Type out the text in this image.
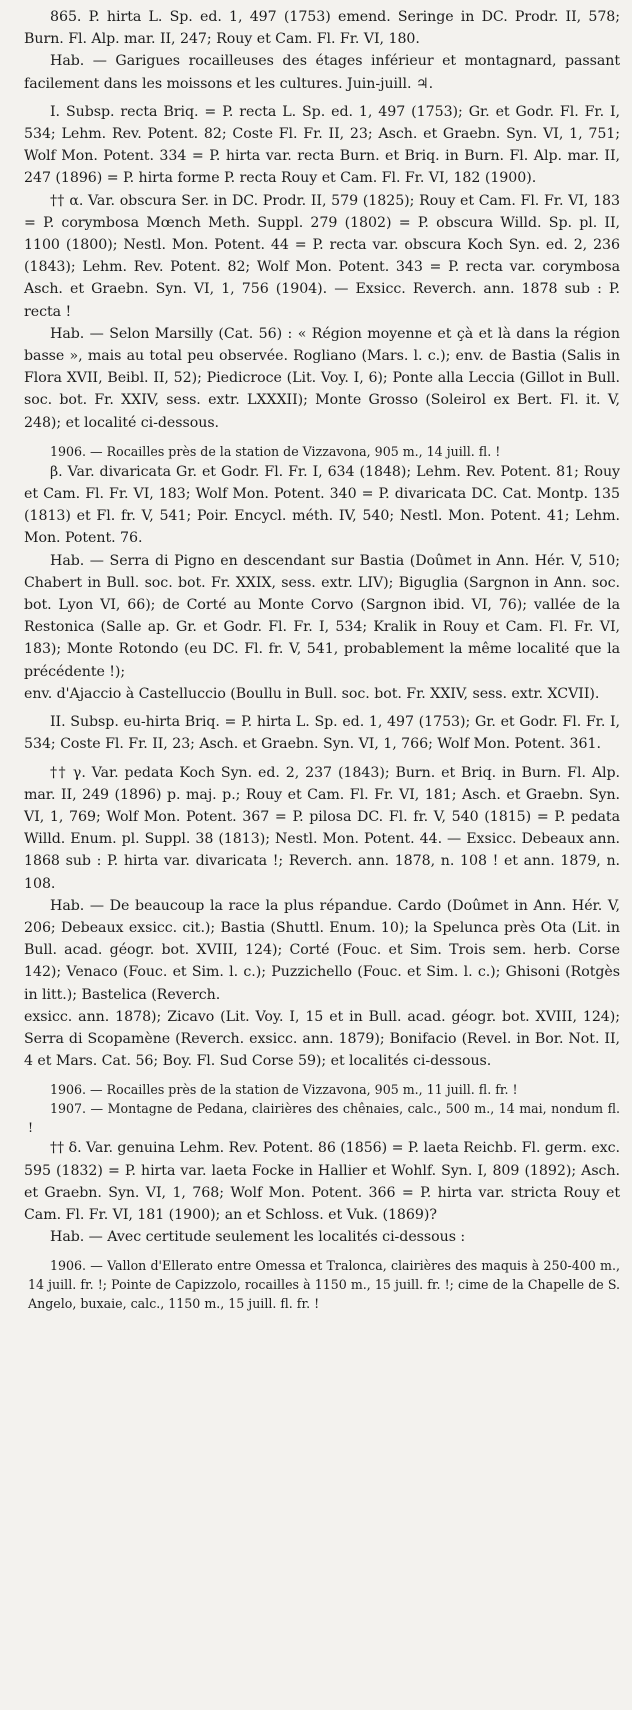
865. P. hirta L. Sp. ed. 1, 497 (1753) emend. Seringe in DC. Prodr. II, 578; Burn. Fl. Alp. mar. II, 247; Rouy et Cam. Fl. Fr. VI, 180.

Hab. — Garigues rocailleuses des étages inférieur et montagnard, passant facilement dans les moissons et les cultures. Juin-juill. ♃.

I. Subsp. recta Briq. = P. recta L. Sp. ed. 1, 497 (1753); Gr. et Godr. Fl. Fr. I, 534; Lehm. Rev. Potent. 82; Coste Fl. Fr. II, 23; Asch. et Graebn. Syn. VI, 1, 751; Wolf Mon. Potent. 334 = P. hirta var. recta Burn. et Briq. in Burn. Fl. Alp. mar. II, 247 (1896) = P. hirta forme P. recta Rouy et Cam. Fl. Fr. VI, 182 (1900).

†† α. Var. obscura Ser. in DC. Prodr. II, 579 (1825); Rouy et Cam. Fl. Fr. VI, 183 = P. corymbosa Mœnch Meth. Suppl. 279 (1802) = P. obscura Willd. Sp. pl. II, 1100 (1800); Nestl. Mon. Potent. 44 = P. recta var. obscura Koch Syn. ed. 2, 236 (1843); Lehm. Rev. Potent. 82; Wolf Mon. Potent. 343 = P. recta var. corymbosa Asch. et Graebn. Syn. VI, 1, 756 (1904). — Exsicc. Reverch. ann. 1878 sub : P. recta !

Hab. — Selon Marsilly (Cat. 56) : « Région moyenne et çà et là dans la région basse », mais au total peu observée. Rogliano (Mars. l. c.); env. de Bastia (Salis in Flora XVII, Beibl. II, 52); Piedicroce (Lit. Voy. I, 6); Ponte alla Leccia (Gillot in Bull. soc. bot. Fr. XXIV, sess. extr. LXXXII); Monte Grosso (Soleirol ex Bert. Fl. it. V, 248); et localité ci-dessous.

1906. — Rocailles près de la station de Vizzavona, 905 m., 14 juill. fl. !

β. Var. divaricata Gr. et Godr. Fl. Fr. I, 634 (1848); Lehm. Rev. Potent. 81; Rouy et Cam. Fl. Fr. VI, 183; Wolf Mon. Potent. 340 = P. divaricata DC. Cat. Montp. 135 (1813) et Fl. fr. V, 541; Poir. Encycl. méth. IV, 540; Nestl. Mon. Potent. 41; Lehm. Mon. Potent. 76.

Hab. — Serra di Pigno en descendant sur Bastia (Doûmet in Ann. Hér. V, 510; Chabert in Bull. soc. bot. Fr. XXIX, sess. extr. LIV); Biguglia (Sargnon in Ann. soc. bot. Lyon VI, 66); de Corté au Monte Corvo (Sargnon ibid. VI, 76); vallée de la Restonica (Salle ap. Gr. et Godr. Fl. Fr. I, 534; Kralik in Rouy et Cam. Fl. Fr. VI, 183); Monte Rotondo (eu DC. Fl. fr. V, 541, probablement la même localité que la précédente !);

env. d'Ajaccio à Castelluccio (Boullu in Bull. soc. bot. Fr. XXIV, sess. extr. XCVII).

II. Subsp. eu-hirta Briq. = P. hirta L. Sp. ed. 1, 497 (1753); Gr. et Godr. Fl. Fr. I, 534; Coste Fl. Fr. II, 23; Asch. et Graebn. Syn. VI, 1, 766; Wolf Mon. Potent. 361.

†† γ. Var. pedata Koch Syn. ed. 2, 237 (1843); Burn. et Briq. in Burn. Fl. Alp. mar. II, 249 (1896) p. maj. p.; Rouy et Cam. Fl. Fr. VI, 181; Asch. et Graebn. Syn. VI, 1, 769; Wolf Mon. Potent. 367 = P. pilosa DC. Fl. fr. V, 540 (1815) = P. pedata Willd. Enum. pl. Suppl. 38 (1813); Nestl. Mon. Potent. 44. — Exsicc. Debeaux ann. 1868 sub : P. hirta var. divaricata !; Reverch. ann. 1878, n. 108 ! et ann. 1879, n. 108.

Hab. — De beaucoup la race la plus répandue. Cardo (Doûmet in Ann. Hér. V, 206; Debeaux exsicc. cit.); Bastia (Shuttl. Enum. 10); la Spelunca près Ota (Lit. in Bull. acad. géogr. bot. XVIII, 124); Corté (Fouc. et Sim. Trois sem. herb. Corse 142); Venaco (Fouc. et Sim. l. c.); Puzzichello (Fouc. et Sim. l. c.); Ghisoni (Rotgès in litt.); Bastelica (Reverch.

exsicc. ann. 1878); Zicavo (Lit. Voy. I, 15 et in Bull. acad. géogr. bot. XVIII, 124); Serra di Scopamène (Reverch. exsicc. ann. 1879); Bonifacio (Revel. in Bor. Not. II, 4 et Mars. Cat. 56; Boy. Fl. Sud Corse 59); et localités ci-dessous.

1906. — Rocailles près de la station de Vizzavona, 905 m., 11 juill. fl. fr. !

1907. — Montagne de Pedana, clairières des chênaies, calc., 500 m., 14 mai, nondum fl. !

†† δ. Var. genuina Lehm. Rev. Potent. 86 (1856) = P. laeta Reichb. Fl. germ. exc. 595 (1832) = P. hirta var. laeta Focke in Hallier et Wohlf. Syn. I, 809 (1892); Asch. et Graebn. Syn. VI, 1, 768; Wolf Mon. Potent. 366 = P. hirta var. stricta Rouy et Cam. Fl. Fr. VI, 181 (1900); an et Schloss. et Vuk. (1869)?

Hab. — Avec certitude seulement les localités ci-dessous :

1906. — Vallon d'Ellerato entre Omessa et Tralonca, clairières des maquis à 250-400 m., 14 juill. fr. !; Pointe de Capizzolo, rocailles à 1150 m., 15 juill. fr. !; cime de la Chapelle de S. Angelo, buxaie, calc., 1150 m., 15 juill. fl. fr. !
